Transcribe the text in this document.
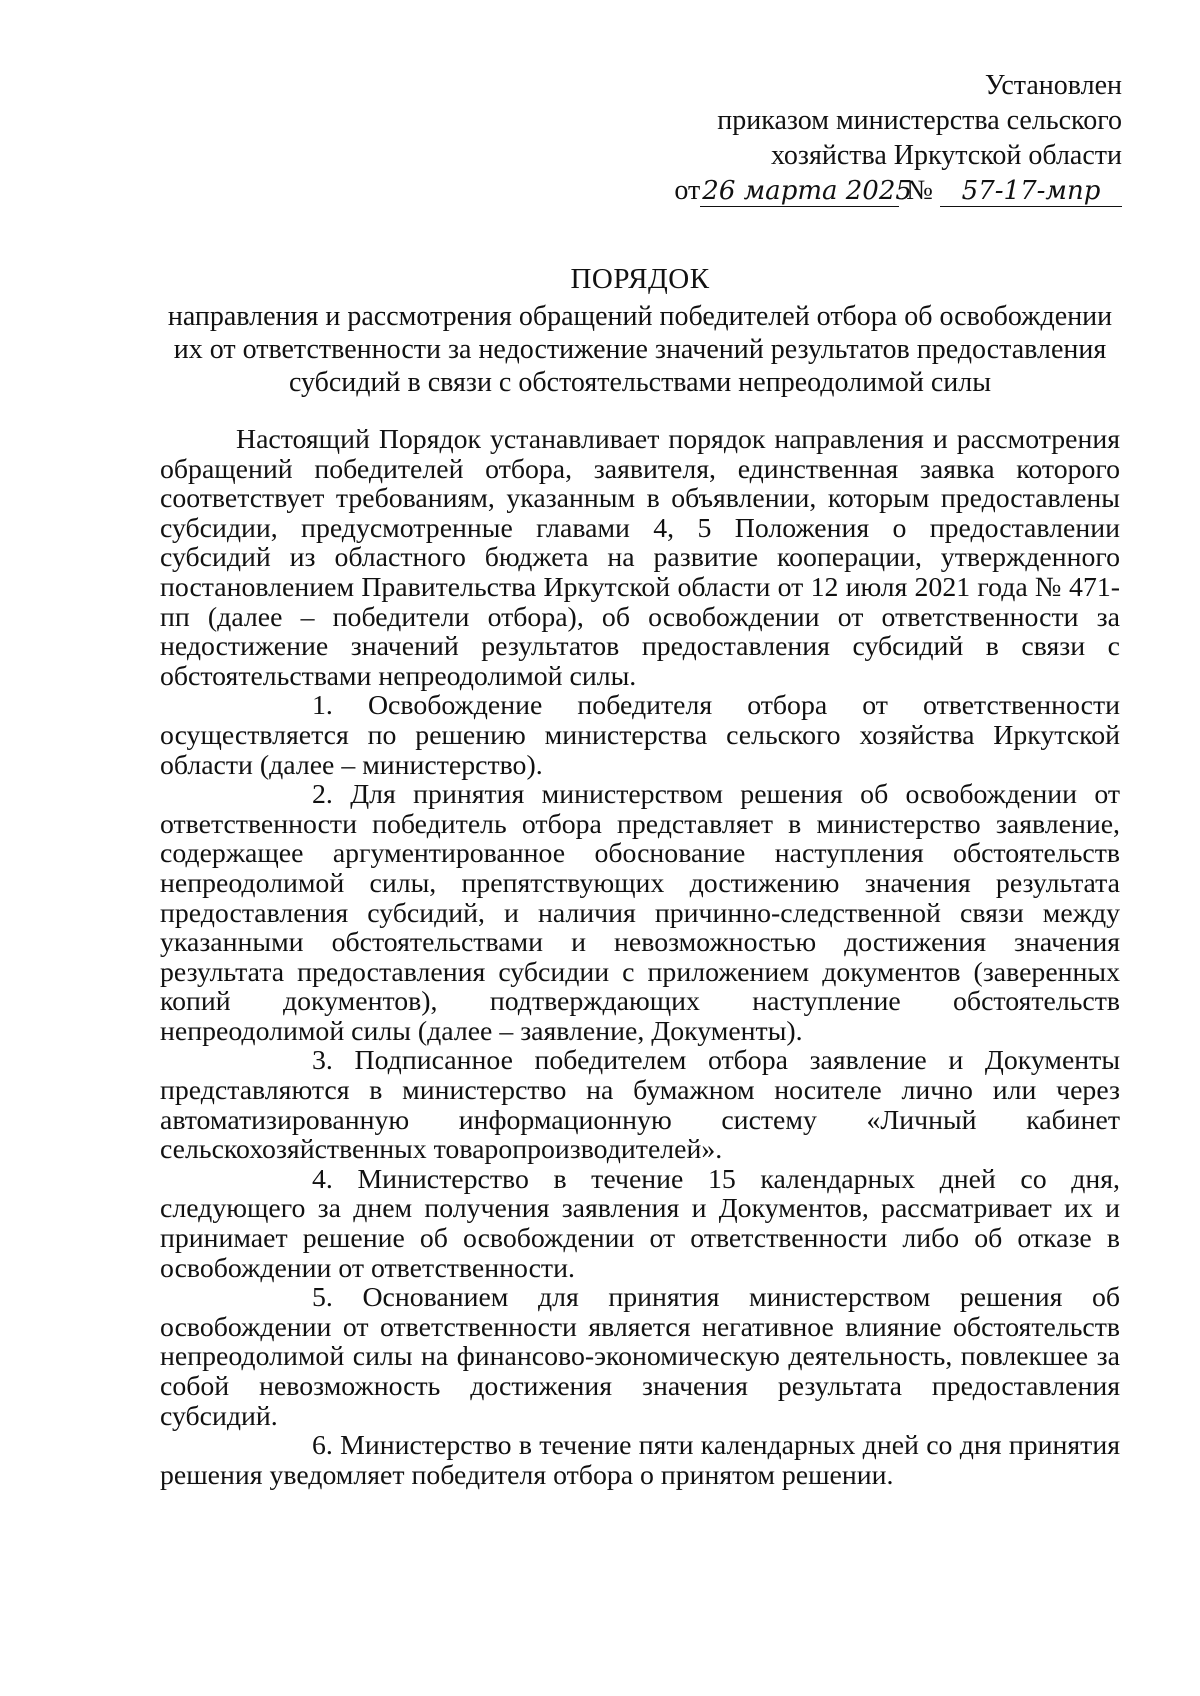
Установлен
приказом министерства сельского
хозяйства Иркутской области
от26 марта 2025 № 57-17-мпр
ПОРЯДОК
направления и рассмотрения обращений победителей отбора об освобождении
их от ответственности за недостижение значений результатов предоставления
субсидий в связи с обстоятельствами непреодолимой силы

Настоящий Порядок устанавливает порядок направления и рассмотрения обращений победителей отбора, заявителя, единственная заявка которого соответствует требованиям, указанным в объявлении, которым предоставлены субсидии, предусмотренные главами 4, 5 Положения о предоставлении субсидий из областного бюджета на развитие кооперации, утвержденного постановлением Правительства Иркутской области от 12 июля 2021 года № 471-пп (далее – победители отбора), об освобождении от ответственности за недостижение значений результатов предоставления субсидий в связи с обстоятельствами непреодолимой силы.

1. Освобождение победителя отбора от ответственности осуществляется по решению министерства сельского хозяйства Иркутской области (далее – министерство).

2. Для принятия министерством решения об освобождении от ответственности победитель отбора представляет в министерство заявление, содержащее аргументированное обоснование наступления обстоятельств непреодолимой силы, препятствующих достижению значения результата предоставления субсидий, и наличия причинно-следственной связи между указанными обстоятельствами и невозможностью достижения значения результата предоставления субсидии с приложением документов (заверенных копий документов), подтверждающих наступление обстоятельств непреодолимой силы (далее – заявление, Документы).

3. Подписанное победителем отбора заявление и Документы представляются в министерство на бумажном носителе лично или через автоматизированную информационную систему «Личный кабинет сельскохозяйственных товаропроизводителей».

4. Министерство в течение 15 календарных дней со дня, следующего за днем получения заявления и Документов, рассматривает их и принимает решение об освобождении от ответственности либо об отказе в освобождении от ответственности.

5. Основанием для принятия министерством решения об освобождении от ответственности является негативное влияние обстоятельств непреодолимой силы на финансово-экономическую деятельность, повлекшее за собой невозможность достижения значения результата предоставления субсидий.

6. Министерство в течение пяти календарных дней со дня принятия решения уведомляет победителя отбора о принятом решении.
